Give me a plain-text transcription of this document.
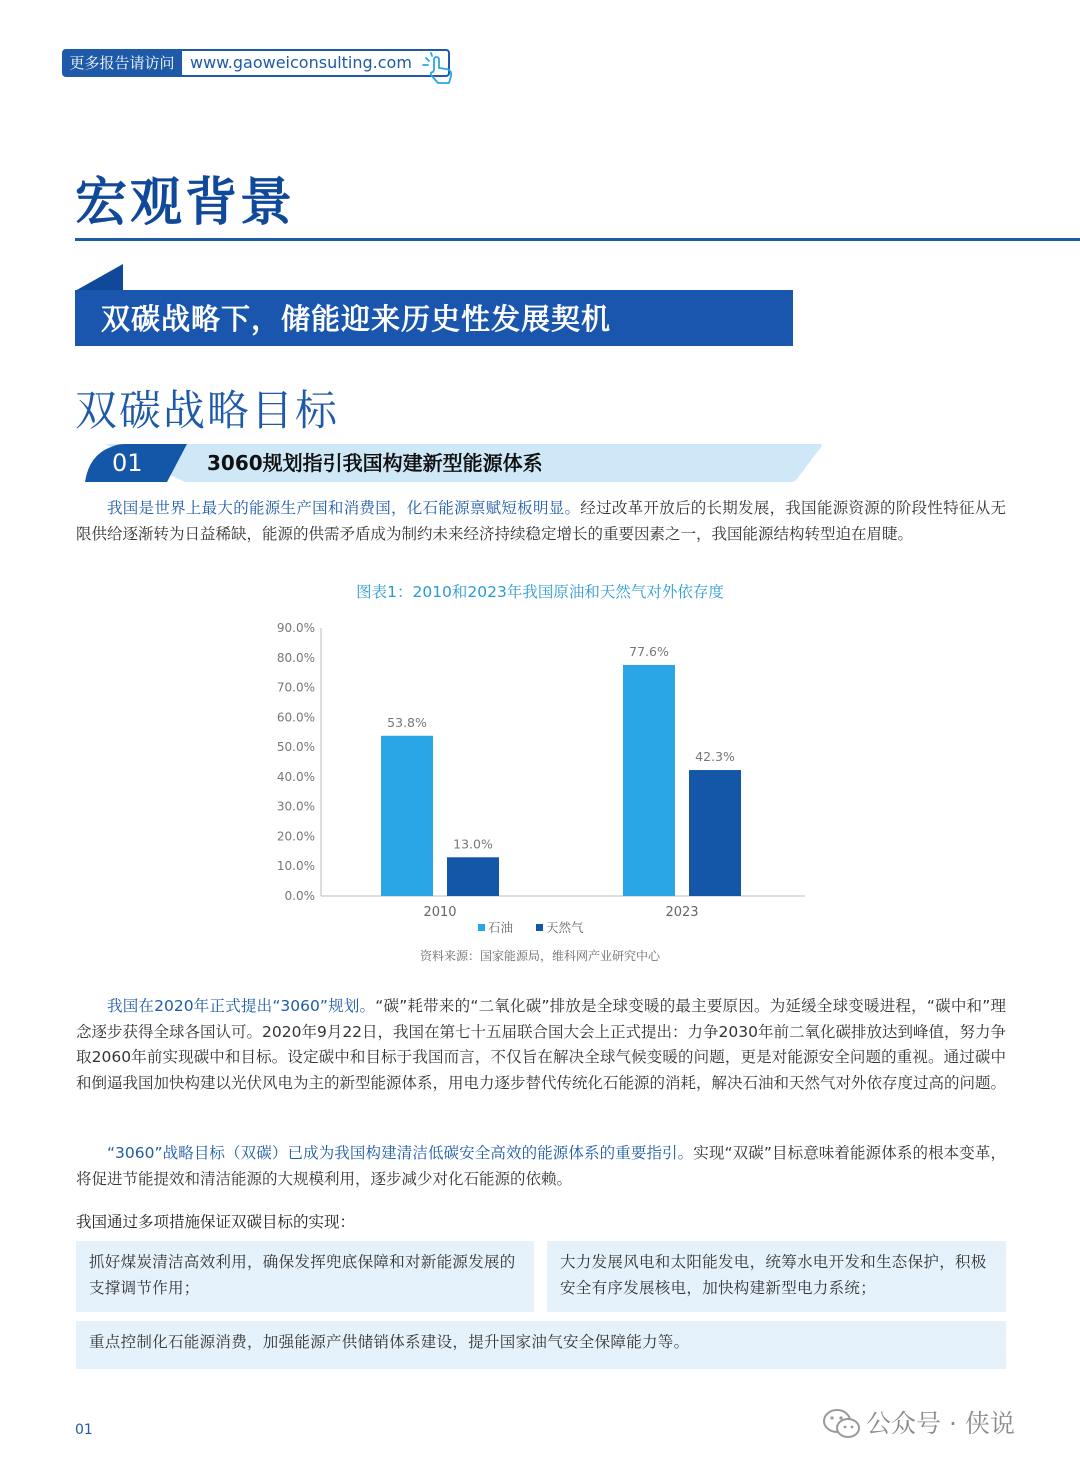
更多报告请访问 www.gaoweiconsulting.com
宏观背景
双碳战略下，储能迎来历史性发展契机
双碳战略目标
01	3060规划指引我国构建新型能源体系
我国是世界上最大的能源生产国和消费国，化石能源禀赋短板明显。经过改革开放后的长期发展，我国能源资源的阶段性特征从无限供给逐渐转为日益稀缺，能源的供需矛盾成为制约未来经济持续稳定增长的重要因素之一，我国能源结构转型迫在眉睫。
图表1：2010和2023年我国原油和天然气对外依存度
0.0%
10.0%
20.0%
30.0%
40.0%
50.0%
60.0%
70.0%
80.0%
90.0%
53.8%
13.0%
2010
77.6%
42.3%
2023
石油	天然气
资料来源：国家能源局，维科网产业研究中心
我国在2020年正式提出“3060”规划。“碳”耗带来的“二氧化碳”排放是全球变暖的最主要原因。为延缓全球变暖进程，“碳中和”理念逐步获得全球各国认可。2020年9月22日，我国在第七十五届联合国大会上正式提出：力争2030年前二氧化碳排放达到峰值，努力争取2060年前实现碳中和目标。设定碳中和目标于我国而言，不仅旨在解决全球气候变暖的问题，更是对能源安全问题的重视。通过碳中和倒逼我国加快构建以光伏风电为主的新型能源体系，用电力逐步替代传统化石能源的消耗，解决石油和天然气对外依存度过高的问题。
“3060”战略目标（双碳）已成为我国构建清洁低碳安全高效的能源体系的重要指引。实现“双碳”目标意味着能源体系的根本变革，将促进节能提效和清洁能源的大规模利用，逐步减少对化石能源的依赖。
我国通过多项措施保证双碳目标的实现：
抓好煤炭清洁高效利用，确保发挥兜底保障和对新能源发展的支撑调节作用；
大力发展风电和太阳能发电，统筹水电开发和生态保护，积极安全有序发展核电，加快构建新型电力系统；
重点控制化石能源消费，加强能源产供储销体系建设，提升国家油气安全保障能力等。
01	公众号 · 侠说
